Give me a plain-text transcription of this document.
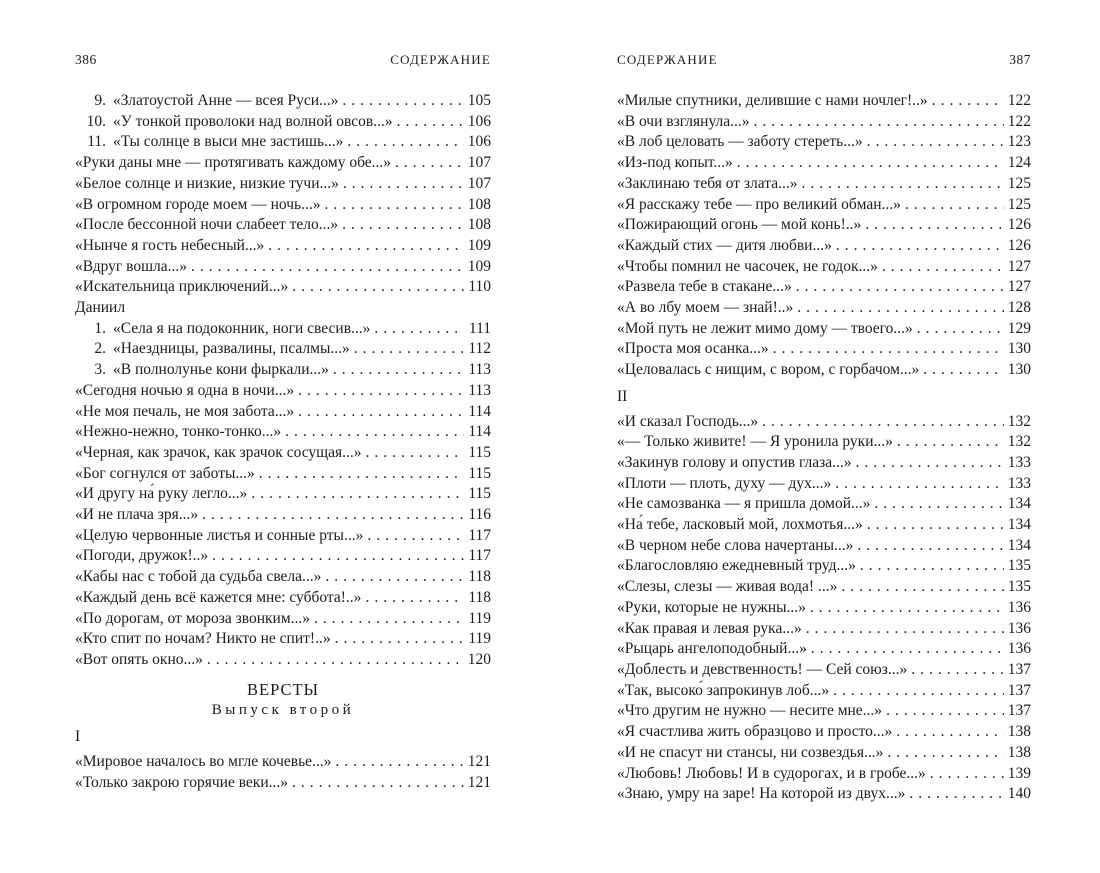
386	СОДЕРЖАНИЕ
9. «Златоустой Анне — всея Руси...» .....	105
10. «У тонкой проволоки над волной овсов...» .....	106
11. «Ты солнце в выси мне застишь...» .....	106
«Руки даны мне — протягивать каждому обе...» .....	107
«Белое солнце и низкие, низкие тучи...» .....	107
«В огромном городе моем — ночь...» .....	108
«После бессонной ночи слабеет тело...» .....	108
«Нынче я гость небесный...» .....	109
«Вдруг вошла...» .....	109
«Искательница приключений...» .....	110
Даниил
1. «Села я на подоконник, ноги свесив...» .....	111
2. «Наездницы, развалины, псалмы...» .....	112
3. «В полнолунье кони фыркали...» .....	113
«Сегодня ночью я одна в ночи...» .....	113
«Не моя печаль, не моя забота...» .....	114
«Нежно-нежно, тонко-тонко...» .....	114
«Черная, как зрачок, как зрачок сосущая...» .....	115
«Бог согнулся от заботы...» .....	115
«И другу на́ руку легло...» .....	115
«И не плача зря...» .....	116
«Целую червонные листья и сонные рты...» .....	117
«Погоди, дружок!..» .....	117
«Кабы нас с тобой да судьба свела...» .....	118
«Каждый день всё кажется мне: суббота!..» .....	118
«По дорогам, от мороза звонким...» .....	119
«Кто спит по ночам? Никто не спит!..» .....	119
«Вот опять окно...» .....	120
ВЕРСТЫ
Выпуск второй
I
«Мировое началось во мгле кочевье...» .....	121
«Только закрою горячие веки...» .....	121
СОДЕРЖАНИЕ	387
«Милые спутники, делившие с нами ночлег!..» .....	122
«В очи взглянула...» .....	122
«В лоб целовать — заботу стереть...» .....	123
«Из-под копыт...» .....	124
«Заклинаю тебя от злата...» .....	125
«Я расскажу тебе — про великий обман...» .....	125
«Пожирающий огонь — мой конь!..» .....	126
«Каждый стих — дитя любви...» .....	126
«Чтобы помнил не часочек, не годок...» .....	127
«Развела тебе в стакане...» .....	127
«А во лбу моем — знай!..» .....	128
«Мой путь не лежит мимо дому — твоего...» .....	129
«Проста моя осанка...» .....	130
«Целовалась с нищим, с вором, с горбачом...» .....	130
II
«И сказал Господь...» .....	132
«— Только живите! — Я уронила руки...» .....	132
«Закинув голову и опустив глаза...» .....	133
«Плоти — плоть, духу — дух...» .....	133
«Не самозванка — я пришла домой...» .....	134
«На́ тебе, ласковый мой, лохмотья...» .....	134
«В черном небе слова начертаны...» .....	134
«Благословляю ежедневный труд...» .....	135
«Слезы, слезы — живая вода! ...» .....	135
«Руки, которые не нужны...» .....	136
«Как правая и левая рука...» .....	136
«Рыцарь ангелоподобный...» .....	136
«Доблесть и девственность! — Сей союз...» .....	137
«Так, высоко́ запрокинув лоб...» .....	137
«Что другим не нужно — несите мне...» .....	137
«Я счастлива жить образцово и просто...» .....	138
«И не спасут ни стансы, ни созвездья...» .....	138
«Любовь! Любовь! И в судорогах, и в гробе...» .....	139
«Знаю, умру на заре! На которой из двух...» .....	140
